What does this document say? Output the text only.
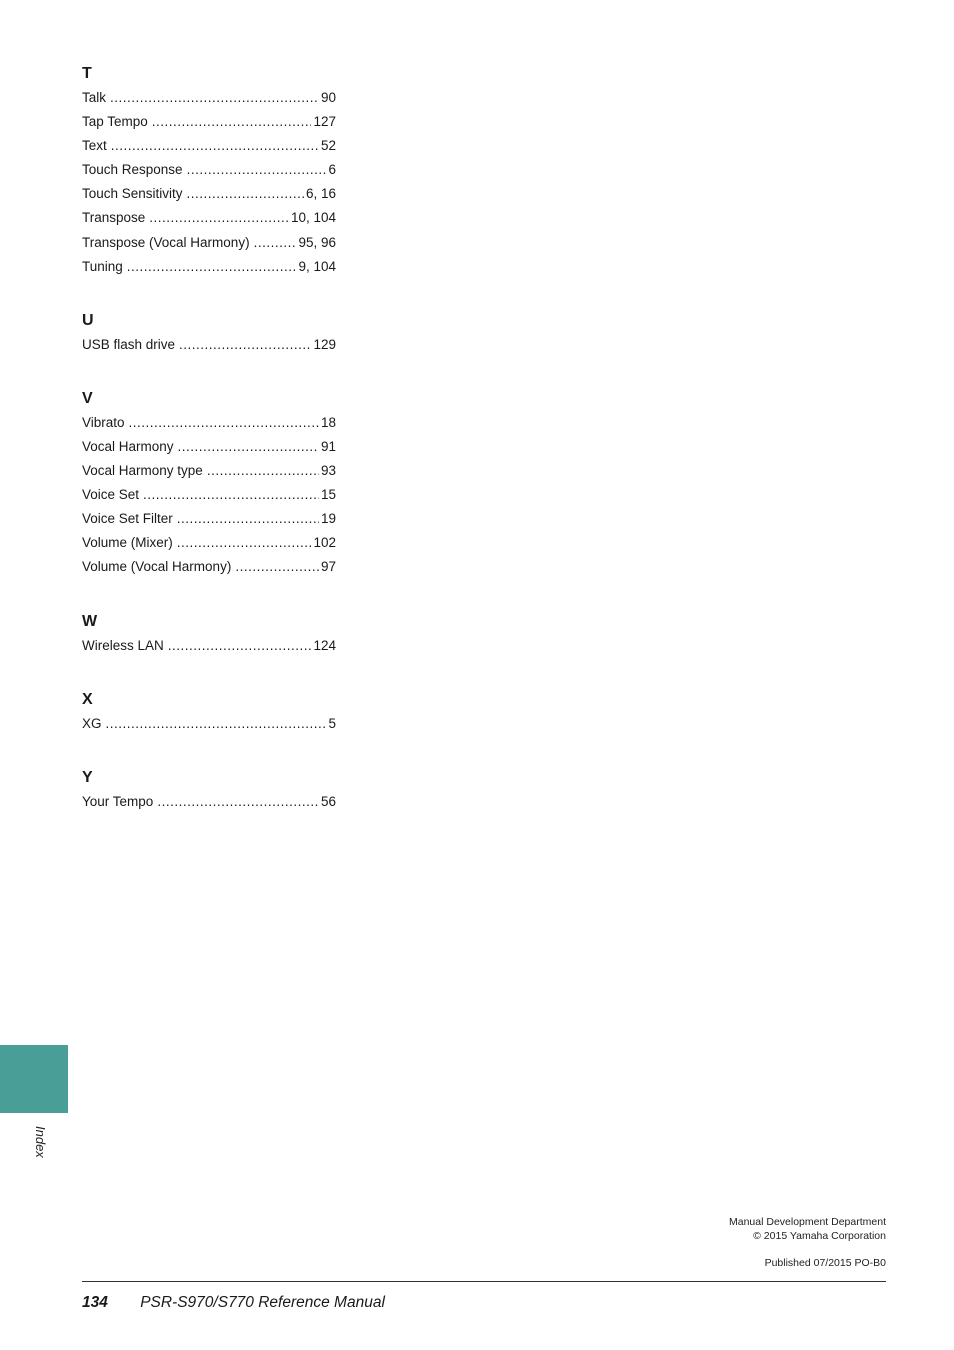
T
Talk .....	90
Tap Tempo .....	127
Text .....	52
Touch Response .....	6
Touch Sensitivity .....	6, 16
Transpose .....	10, 104
Transpose (Vocal Harmony) .....	95, 96
Tuning .....	9, 104
U
USB flash drive .....	129
V
Vibrato .....	18
Vocal Harmony .....	91
Vocal Harmony type .....	93
Voice Set .....	15
Voice Set Filter .....	19
Volume (Mixer) .....	102
Volume (Vocal Harmony) .....	97
W
Wireless LAN .....	124
X
XG .....	5
Y
Your Tempo .....	56
Index
Manual Development Department
© 2015 Yamaha Corporation
Published 07/2015 PO-B0
134 PSR-S970/S770 Reference Manual
